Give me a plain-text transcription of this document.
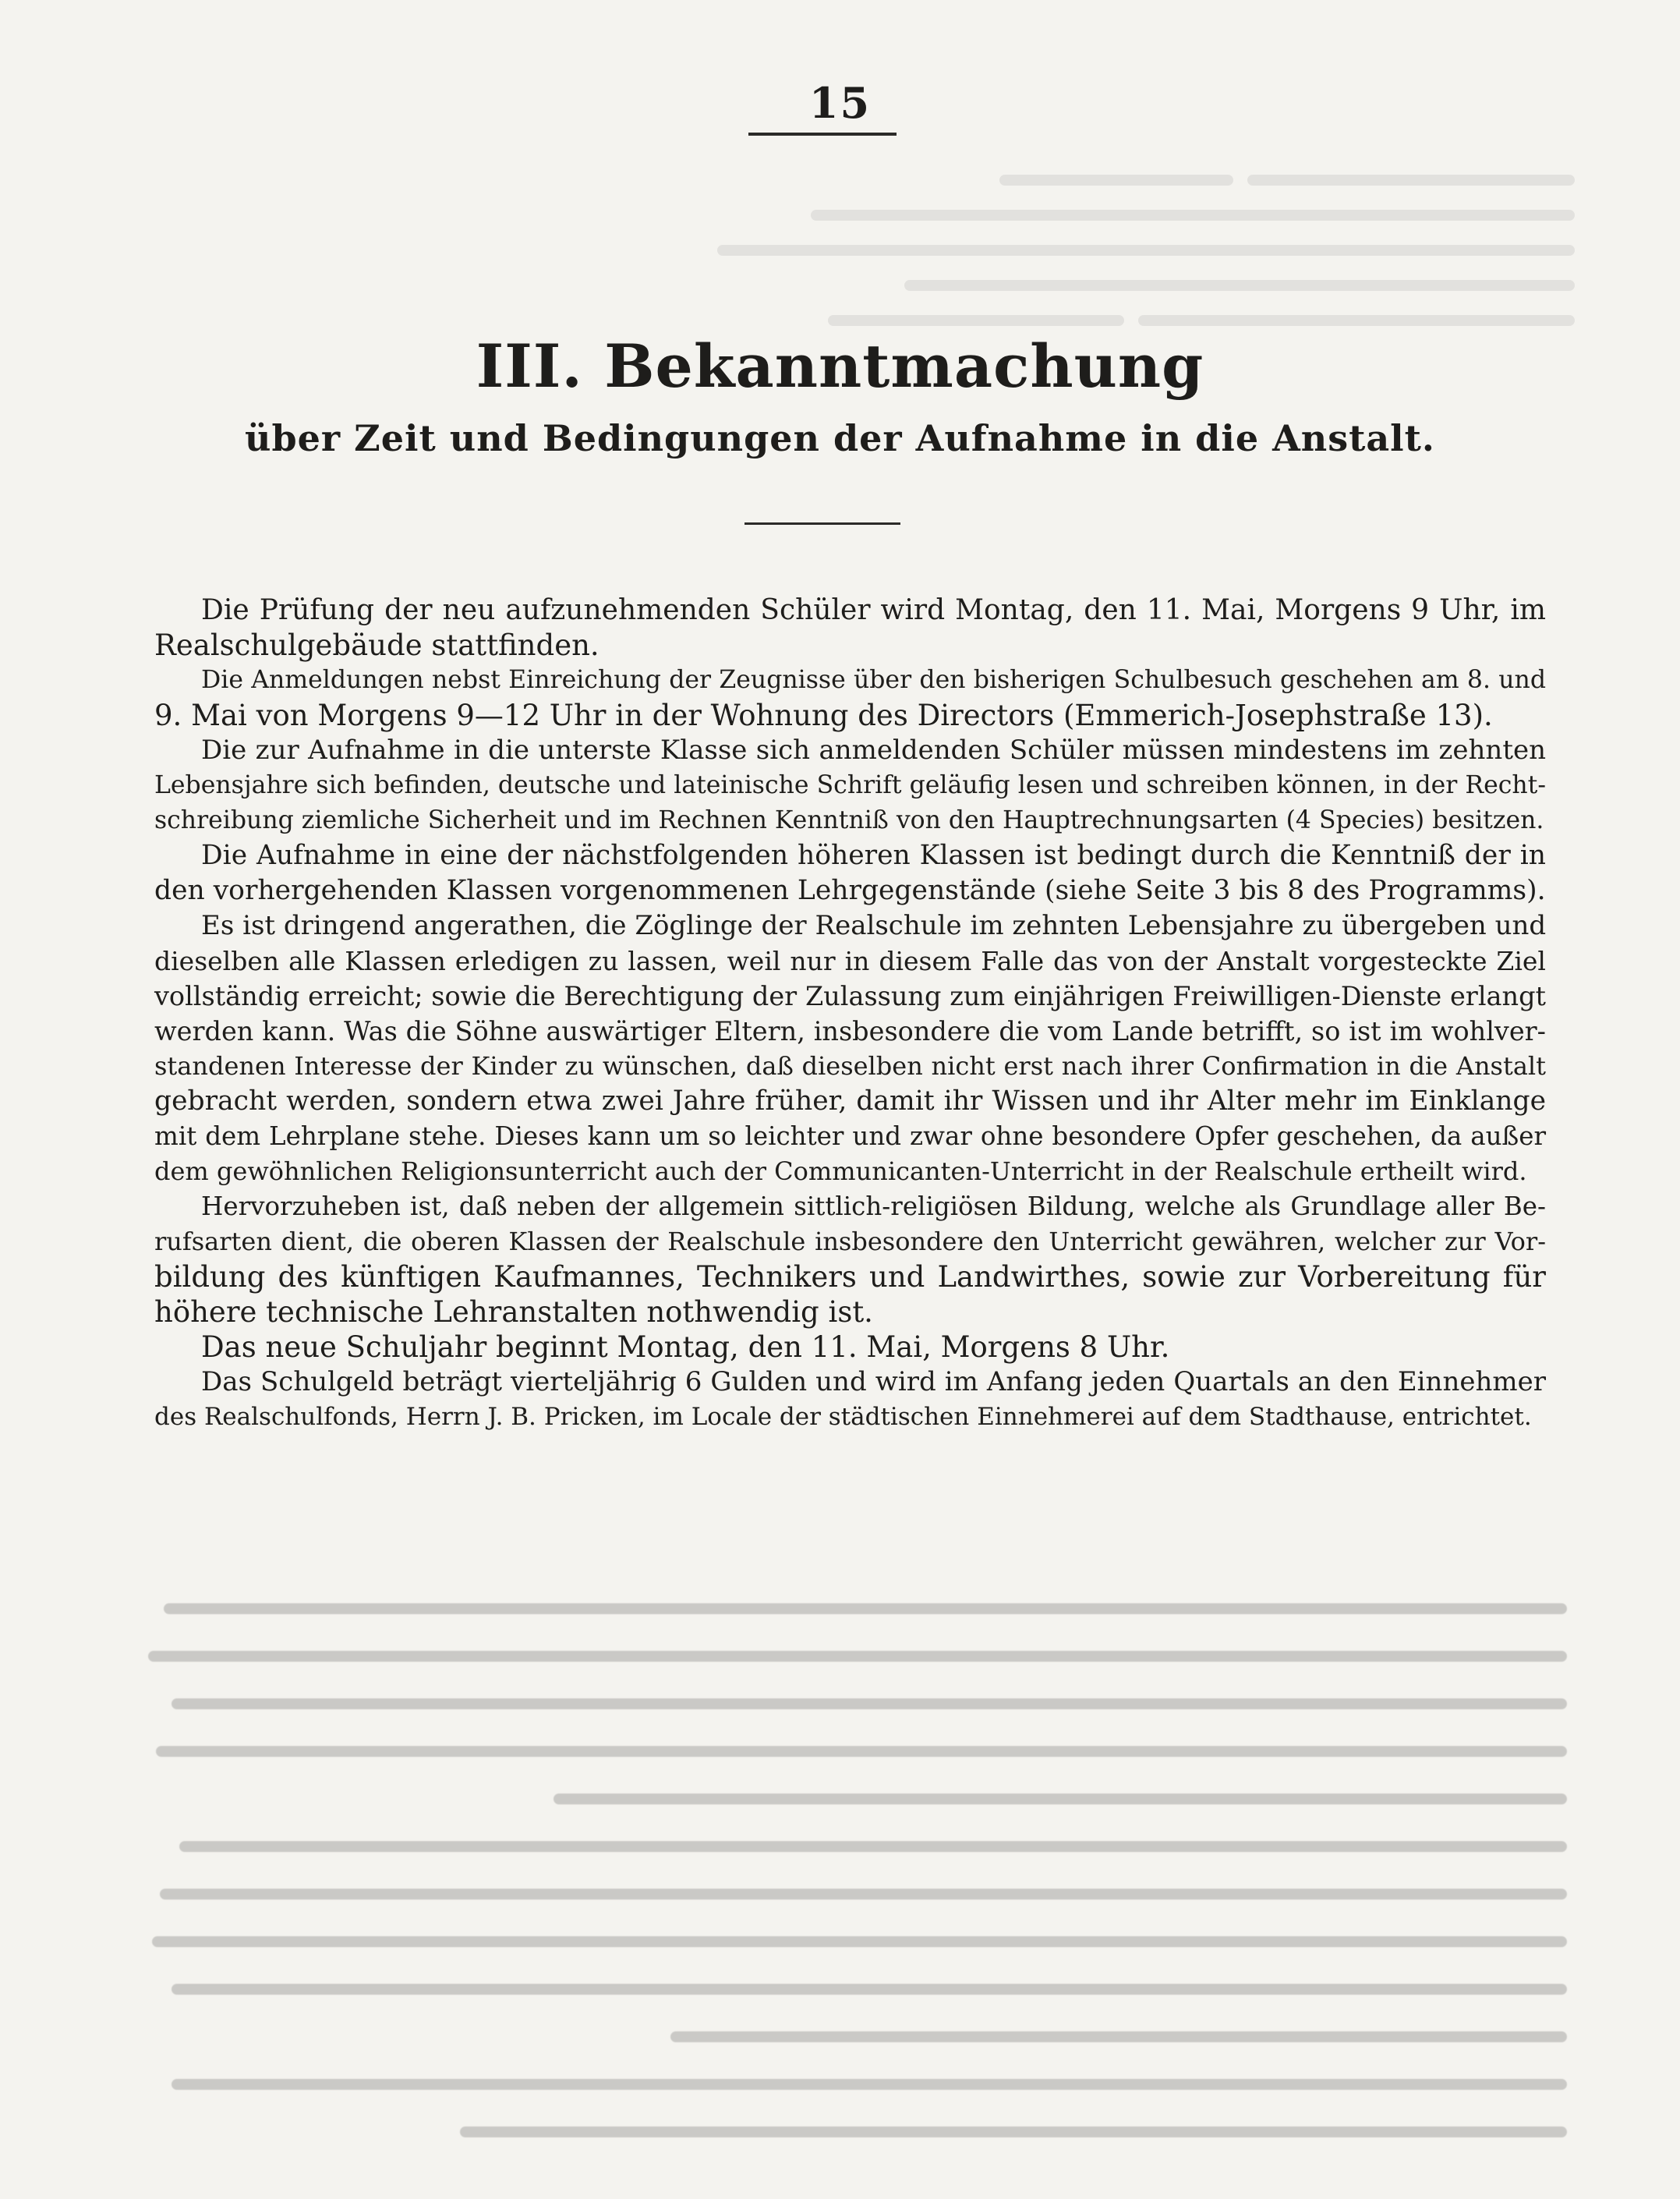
15
III. Bekanntmachung
über Zeit und Bedingungen der Aufnahme in die Anstalt.
Die Prüfung der neu aufzunehmenden Schüler wird Montag, den 11. Mai, Morgens 9 Uhr, im
Realschulgebäude stattfinden.
Die Anmeldungen nebst Einreichung der Zeugnisse über den bisherigen Schulbesuch geschehen am 8. und
9. Mai von Morgens 9—12 Uhr in der Wohnung des Directors (Emmerich-Josephstraße 13).
Die zur Aufnahme in die unterste Klasse sich anmeldenden Schüler müssen mindestens im zehnten
Lebensjahre sich befinden, deutsche und lateinische Schrift geläufig lesen und schreiben können, in der Recht-
schreibung ziemliche Sicherheit und im Rechnen Kenntniß von den Hauptrechnungsarten (4 Species) besitzen.
Die Aufnahme in eine der nächstfolgenden höheren Klassen ist bedingt durch die Kenntniß der in
den vorhergehenden Klassen vorgenommenen Lehrgegenstände (siehe Seite 3 bis 8 des Programms).
Es ist dringend angerathen, die Zöglinge der Realschule im zehnten Lebensjahre zu übergeben und
dieselben alle Klassen erledigen zu lassen, weil nur in diesem Falle das von der Anstalt vorgesteckte Ziel
vollständig erreicht; sowie die Berechtigung der Zulassung zum einjährigen Freiwilligen-Dienste erlangt
werden kann. Was die Söhne auswärtiger Eltern, insbesondere die vom Lande betrifft, so ist im wohlver-
standenen Interesse der Kinder zu wünschen, daß dieselben nicht erst nach ihrer Confirmation in die Anstalt
gebracht werden, sondern etwa zwei Jahre früher, damit ihr Wissen und ihr Alter mehr im Einklange
mit dem Lehrplane stehe. Dieses kann um so leichter und zwar ohne besondere Opfer geschehen, da außer
dem gewöhnlichen Religionsunterricht auch der Communicanten-Unterricht in der Realschule ertheilt wird.
Hervorzuheben ist, daß neben der allgemein sittlich-religiösen Bildung, welche als Grundlage aller Be-
rufsarten dient, die oberen Klassen der Realschule insbesondere den Unterricht gewähren, welcher zur Vor-
bildung des künftigen Kaufmannes, Technikers und Landwirthes, sowie zur Vorbereitung für
höhere technische Lehranstalten nothwendig ist.
Das neue Schuljahr beginnt Montag, den 11. Mai, Morgens 8 Uhr.
Das Schulgeld beträgt vierteljährig 6 Gulden und wird im Anfang jeden Quartals an den Einnehmer
des Realschulfonds, Herrn J. B. Pricken, im Locale der städtischen Einnehmerei auf dem Stadthause, entrichtet.
